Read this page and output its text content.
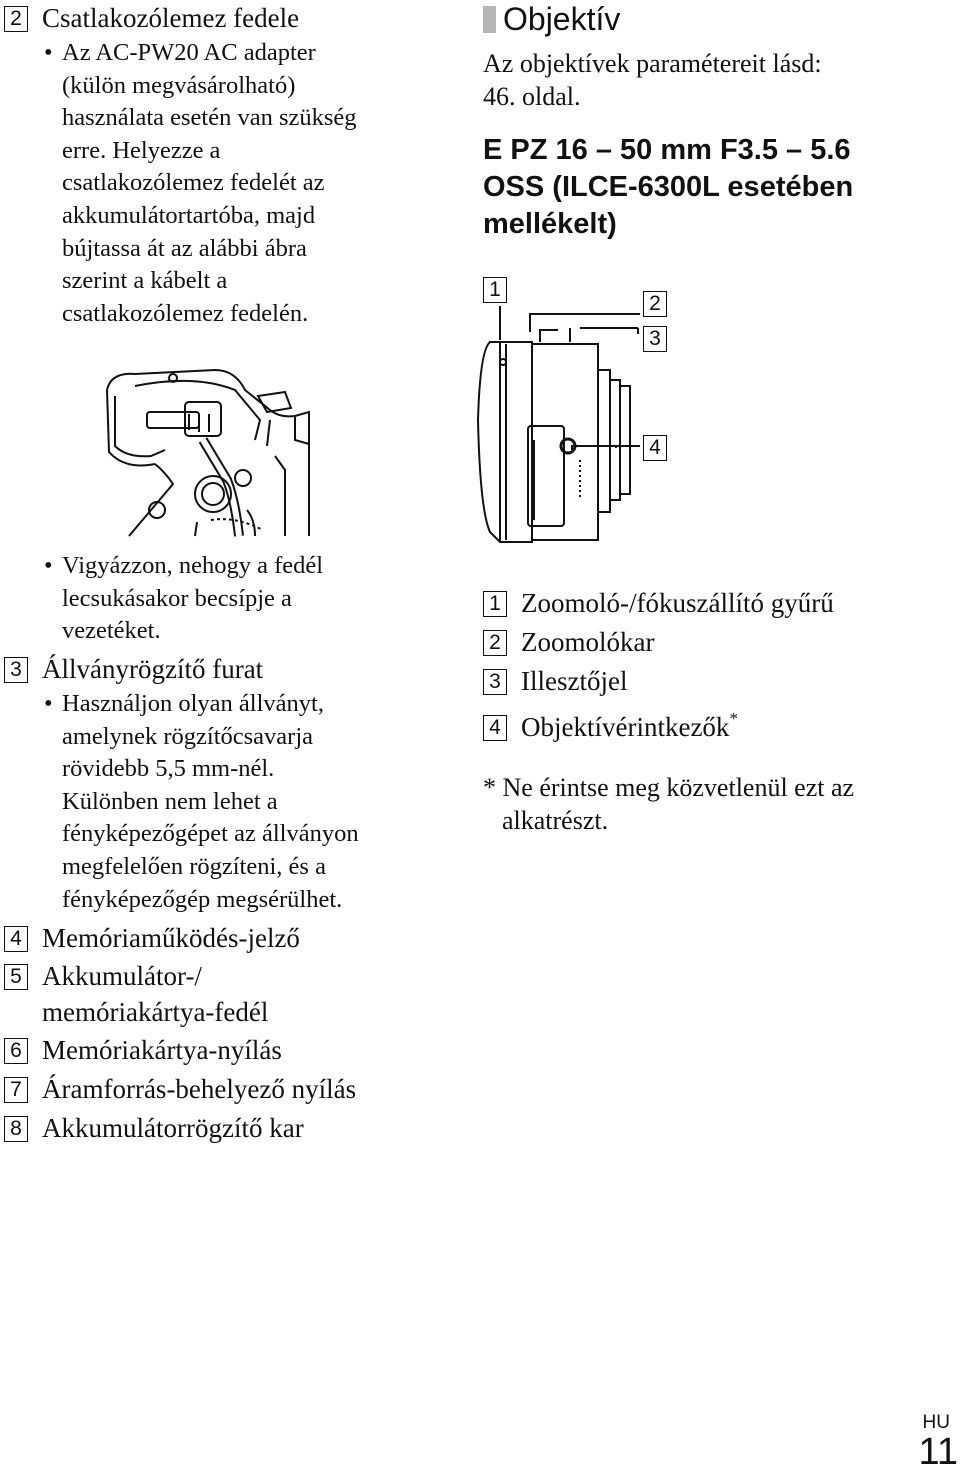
2 Csatlakozólemez fedele
• Az AC-PW20 AC adapter
(külön megvásárolható)
használata esetén van szükség
erre. Helyezze a
csatlakozólemez fedelét az
akkumulátortartóba, majd
bújtassa át az alábbi ábra
szerint a kábelt a
csatlakozólemez fedelén.
• Vigyázzon, nehogy a fedél
lecsukásakor becsípje a
vezetéket.
3 Állványrögzítő furat
• Használjon olyan állványt,
amelynek rögzítőcsavarja
rövidebb 5,5 mm-nél.
Különben nem lehet a
fényképezőgépet az állványon
megfelelően rögzíteni, és a
fényképezőgép megsérülhet.
4 Memóriaműködés-jelző
5 Akkumulátor-/
memóriakártya-fedél
6 Memóriakártya-nyílás
7 Áramforrás-behelyező nyílás
8 Akkumulátorrögzítő kar
Objektív
Az objektívek paramétereit lásd:
46. oldal.
E PZ 16 – 50 mm F3.5 – 5.6
OSS (ILCE-6300L esetében
mellékelt)
1
2
3
4
1 Zoomoló-/fókuszállító gyűrű
2 Zoomolókar
3 Illesztőjel
4 Objektívérintkezők*
* Ne érintse meg közvetlenül ezt az
alkatrészt.
HU
11
